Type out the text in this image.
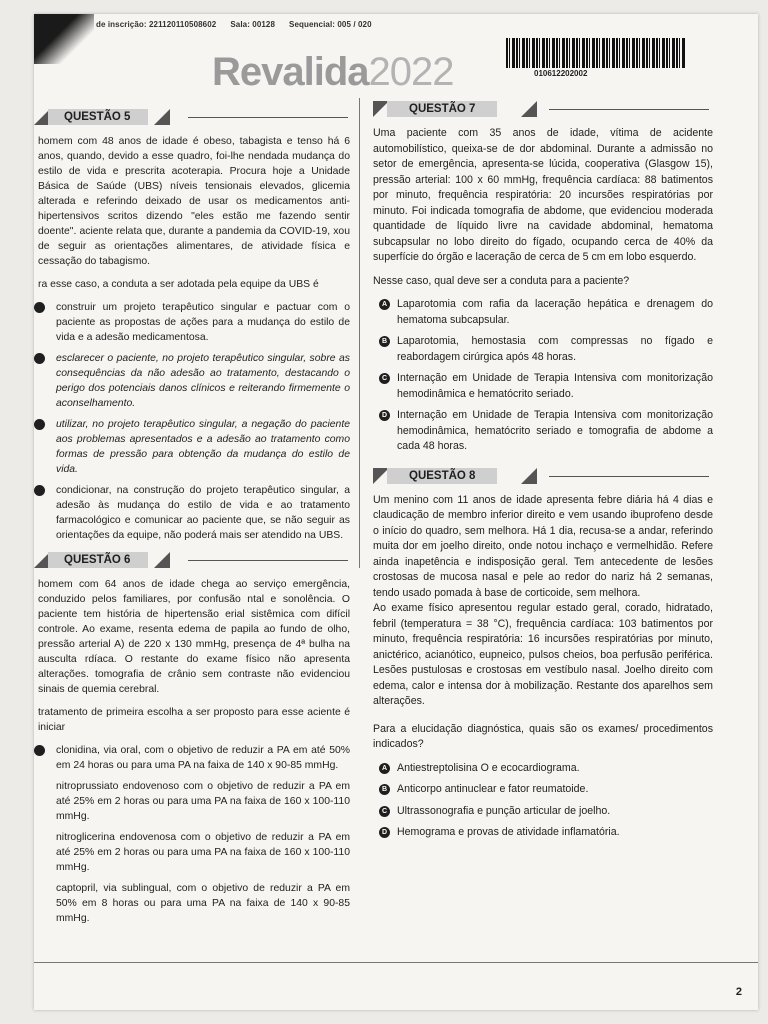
de inscrição: 221120110508602 Sala: 00128 Sequencial: 005 / 020
Revalida2022	010612202002
QUESTÃO 5

homem com 48 anos de idade é obeso, tabagista e tenso há 6 anos, quando, devido a esse quadro, foi-lhe nendada mudança do estilo de vida e prescrita acoterapia. Procura hoje a Unidade Básica de Saúde (UBS) níveis tensionais elevados, glicemia alterada e referindo deixado de usar os medicamentos anti-hipertensivos scritos dizendo "eles estão me fazendo sentir doente". aciente relata que, durante a pandemia da COVID-19, xou de seguir as orientações alimentares, de atividade física e cessação do tabagismo.

ra esse caso, a conduta a ser adotada pela equipe da UBS é

construir um projeto terapêutico singular e pactuar com o paciente as propostas de ações para a mudança do estilo de vida e a adesão medicamentosa.
esclarecer o paciente, no projeto terapêutico singular, sobre as consequências da não adesão ao tratamento, destacando o perigo dos potenciais danos clínicos e reiterando firmemente o aconselhamento.
utilizar, no projeto terapêutico singular, a negação do paciente aos problemas apresentados e a adesão ao tratamento como formas de pressão para obtenção da mudança do estilo de vida.
condicionar, na construção do projeto terapêutico singular, a adesão às mudança do estilo de vida e ao tratamento farmacológico e comunicar ao paciente que, se não seguir as orientações da equipe, não poderá mais ser atendido na UBS.
QUESTÃO 6

homem com 64 anos de idade chega ao serviço emergência, conduzido pelos familiares, por confusão ntal e sonolência. O paciente tem história de hipertensão erial sistêmica com difícil controle. Ao exame, resenta edema de papila ao fundo de olho, pressão arterial A) de 220 x 130 mmHg, presença de 4ª bulha na ausculta rdíaca. O restante do exame físico não apresenta alterações. tomografia de crânio sem contraste não evidenciou sinais de quemia cerebral.

tratamento de primeira escolha a ser proposto para esse aciente é iniciar

clonidina, via oral, com o objetivo de reduzir a PA em até 50% em 24 horas ou para uma PA na faixa de 140 x 90-85 mmHg.
nitroprussiato endovenoso com o objetivo de reduzir a PA em até 25% em 2 horas ou para uma PA na faixa de 160 x 100-110 mmHg.
nitroglicerina endovenosa com o objetivo de reduzir a PA em até 25% em 2 horas ou para uma PA na faixa de 160 x 100-110 mmHg.
captopril, via sublingual, com o objetivo de reduzir a PA em 50% em 8 horas ou para uma PA na faixa de 140 x 90-85 mmHg.
QUESTÃO 7

Uma paciente com 35 anos de idade, vítima de acidente automobilístico, queixa-se de dor abdominal. Durante a admissão no setor de emergência, apresenta-se lúcida, cooperativa (Glasgow 15), pressão arterial: 100 x 60 mmHg, frequência cardíaca: 88 batimentos por minuto, frequência respiratória: 20 incursões respiratórias por minuto. Foi indicada tomografia de abdome, que evidenciou moderada quantidade de líquido livre na cavidade abdominal, hematoma subcapsular no lobo direito do fígado, ocupando cerca de 40% da superfície do órgão e laceração de cerca de 5 cm em lobo esquerdo.

Nesse caso, qual deve ser a conduta para a paciente?

A Laparotomia com rafia da laceração hepática e drenagem do hematoma subcapsular.
B Laparotomia, hemostasia com compressas no fígado e reabordagem cirúrgica após 48 horas.
C Internação em Unidade de Terapia Intensiva com monitorização hemodinâmica e hematócrito seriado.
D Internação em Unidade de Terapia Intensiva com monitorização hemodinâmica, hematócrito seriado e tomografia de abdome a cada 48 horas.
QUESTÃO 8

Um menino com 11 anos de idade apresenta febre diária há 4 dias e claudicação de membro inferior direito e vem usando ibuprofeno desde o início do quadro, sem melhora. Há 1 dia, recusa-se a andar, referindo muita dor em joelho direito, onde notou inchaço e vermelhidão. Refere ainda inapetência e indisposição geral. Tem antecedente de lesões crostosas de mucosa nasal e pele ao redor do nariz há 2 semanas, tendo usado pomada à base de corticoide, sem melhora.

Ao exame físico apresentou regular estado geral, corado, hidratado, febril (temperatura = 38 °C), frequência cardíaca: 103 batimentos por minuto, frequência respiratória: 16 incursões respiratórias por minuto, anictérico, acianótico, eupneico, pulsos cheios, boa perfusão periférica. Lesões pustulosas e crostosas em vestíbulo nasal. Joelho direito com edema, calor e intensa dor à mobilização. Restante dos aparelhos sem alterações.

Para a elucidação diagnóstica, quais são os exames/ procedimentos indicados?

A Antiestreptolisina O e ecocardiograma.
B Anticorpo antinuclear e fator reumatoide.
C Ultrassonografia e punção articular de joelho.
D Hemograma e provas de atividade inflamatória.
2
